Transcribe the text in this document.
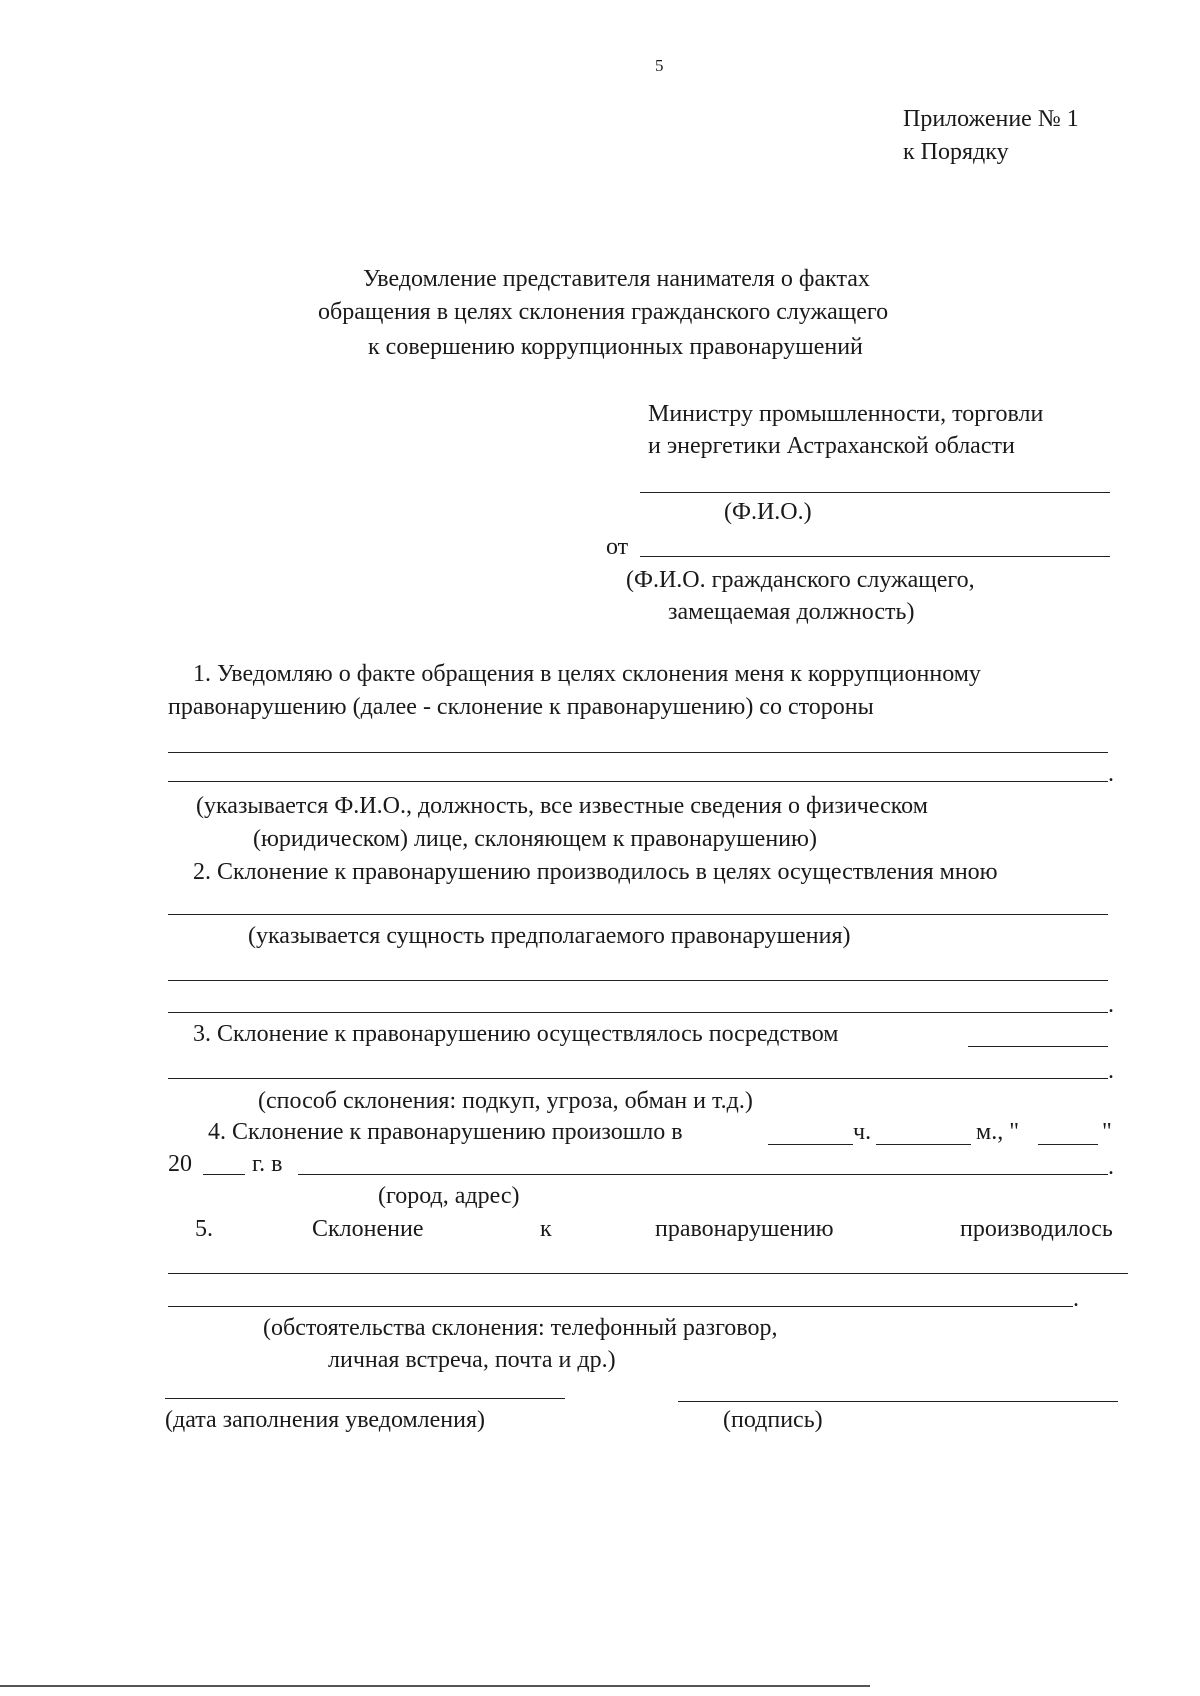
5
Приложение № 1
к Порядку
Уведомление представителя нанимателя о фактах
обращения в целях склонения гражданского служащего
к совершению коррупционных правонарушений
Министру промышленности, торговли
и энергетики Астраханской области
(Ф.И.О.)
от
(Ф.И.О. гражданского служащего,
замещаемая должность)
1. Уведомляю о факте обращения в целях склонения меня к коррупционному
правонарушению (далее - склонение к правонарушению) со стороны
.
(указывается Ф.И.О., должность, все известные сведения о физическом
(юридическом) лице, склоняющем к правонарушению)
2. Склонение к правонарушению производилось в целях осуществления мною
(указывается сущность предполагаемого правонарушения)
.
3. Склонение к правонарушению осуществлялось посредством
.
(способ склонения: подкуп, угроза, обман и т.д.)
4. Склонение к правонарушению произошло в	ч.	м., "	"
20	г. в	.
(город, адрес)
5.	Склонение	к	правонарушению	производилось
.
(обстоятельства склонения: телефонный разговор,
личная встреча, почта и др.)
(дата заполнения уведомления)	(подпись)
